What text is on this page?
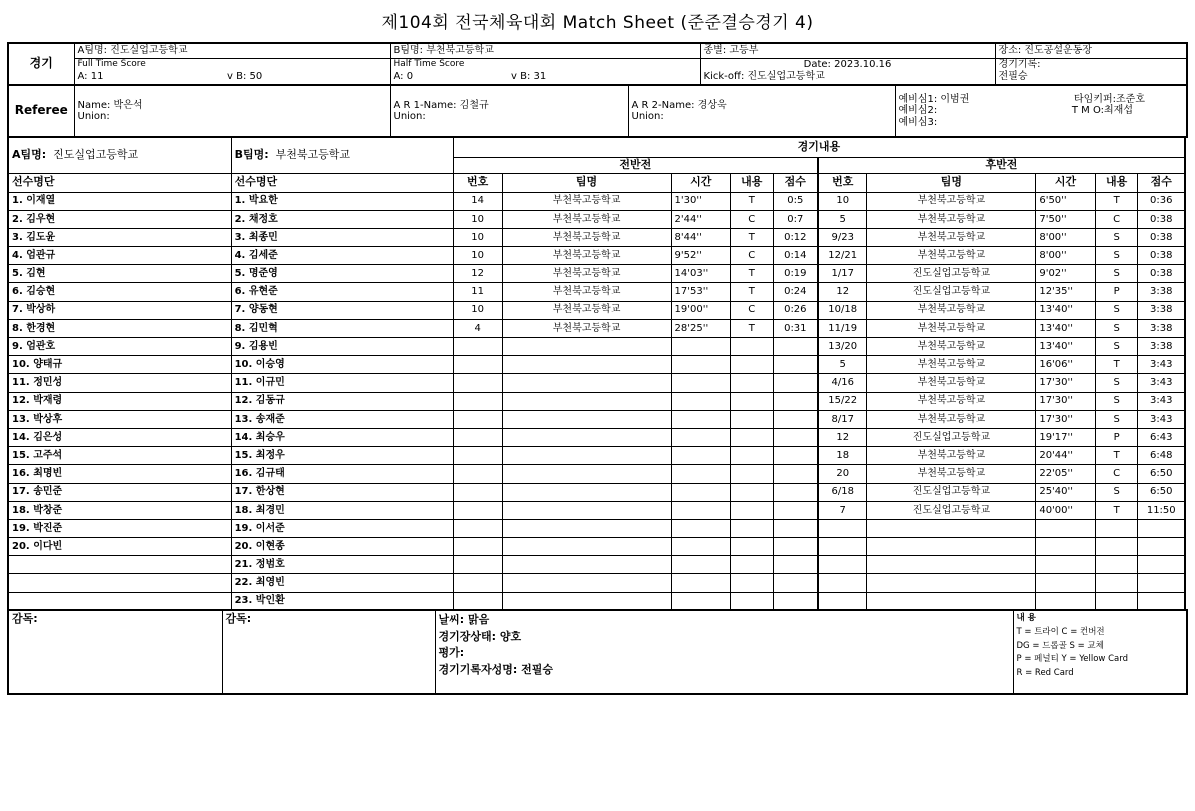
제104회 전국체육대회 Match Sheet (준준결승경기 4)
경기	A팀명: 진도실업고등학교		B팀명: 부천북고등학교		종별: 고등부	장소: 진도공설운동장
	Full Time Score		Half Time Score		Date: 2023.10.16	경기기록:
	A: 11	v B: 50	A: 0	v B: 31	Kick-off: 진도실업고등학교	전필승
Referee	Name: 박은석
Union:

A R 1-Name: 김철규
Union:

A R 2-Name: 경상욱
Union:

예비심1: 이범권	타임키퍼:조준호
예비심2:	T M O:최재섭
예비심3:
A팀명: 진도실업고등학교	B팀명: 부천북고등학교	경기내용									
		전반전					후반전				
선수명단	선수명단	번호	팀명	시간	내용	점수	번호	팀명	시간	내용	점수
1. 이재열	1. 박요한	14	부천북고등학교	1'30''	T	0:5	10	부천북고등학교	6'50''	T	0:36
2. 김우현	2. 채정호	10	부천북고등학교	2'44''	C	0:7	5	부천북고등학교	7'50''	C	0:38
3. 김도윤	3. 최종민	10	부천북고등학교	8'44''	T	0:12	9/23	부천북고등학교	8'00''	S	0:38
4. 엄관규	4. 김세준	10	부천북고등학교	9'52''	C	0:14	12/21	부천북고등학교	8'00''	S	0:38
5. 김현	5. 명준영	12	부천북고등학교	14'03''	T	0:19	1/17	진도실업고등학교	9'02''	S	0:38
6. 김승현	6. 유현준	11	부천북고등학교	17'53''	T	0:24	12	진도실업고등학교	12'35''	P	3:38
7. 박상하	7. 양동현	10	부천북고등학교	19'00''	C	0:26	10/18	부천북고등학교	13'40''	S	3:38
8. 한경현	8. 김민혁	4	부천북고등학교	28'25''	T	0:31	11/19	부천북고등학교	13'40''	S	3:38
9. 엄관호	9. 김용빈						13/20	부천북고등학교	13'40''	S	3:38
10. 양태규	10. 이승영						5	부천북고등학교	16'06''	T	3:43
11. 정민성	11. 이규민						4/16	부천북고등학교	17'30''	S	3:43
12. 박재령	12. 김동규						15/22	부천북고등학교	17'30''	S	3:43
13. 박상후	13. 송재준						8/17	부천북고등학교	17'30''	S	3:43
14. 김은성	14. 최승우						12	진도실업고등학교	19'17''	P	6:43
15. 고주석	15. 최정우						18	부천북고등학교	20'44''	T	6:48
16. 최명빈	16. 김규태						20	부천북고등학교	22'05''	C	6:50
17. 송민준	17. 한상현						6/18	진도실업고등학교	25'40''	S	6:50
18. 박창준	18. 최경민						7	진도실업고등학교	40'00''	T	11:50
19. 박진준	19. 이서준										
20. 이다빈	20. 이현종										
	21. 정범호										
	22. 최영빈										
	23. 박인환										
감독:	감독:	날씨: 맑음
경기장상태: 양호
평가:
경기기록자성명: 전필승

내 용
T = 트라이 C = 컨버전
DG = 드롭골 S = 교체
P = 페널티 Y = Yellow Card
R = Red Card
